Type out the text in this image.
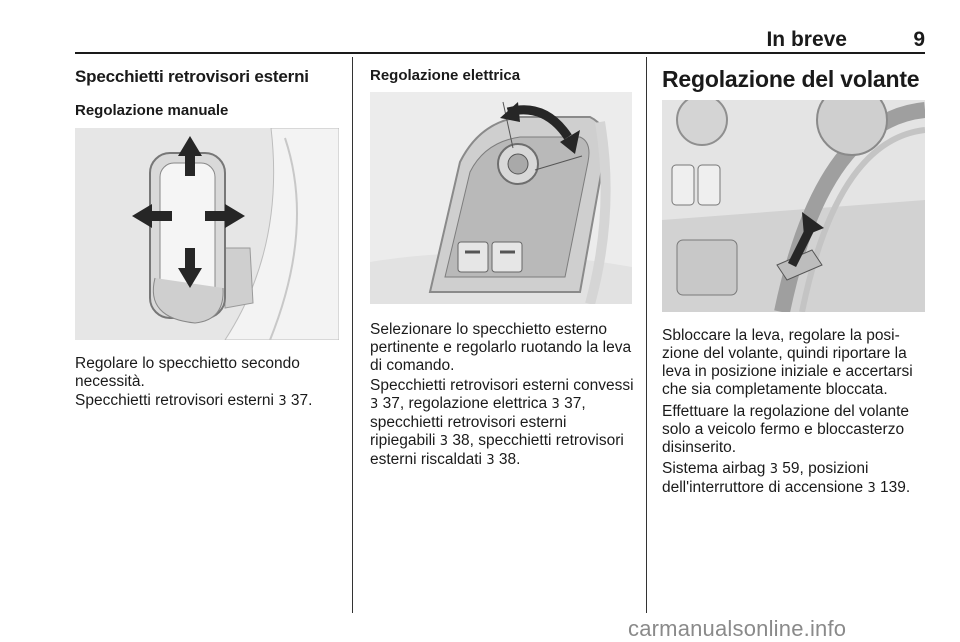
In breve	9
Specchietti retrovisori esterni
Regolazione manuale

Regolare lo specchietto secondo necessità.

Specchietti retrovisori esterni 3 37.

Regolazione elettrica

Selezionare lo specchietto esterno pertinente e regolarlo ruotando la leva di comando.

Specchietti retrovisori esterni convessi 3 37, regolazione elettrica 3 37, specchietti retrovisori esterni ripiegabili 3 38, specchietti retrovisori esterni riscaldati 3 38.

Regolazione del volante

Sbloccare la leva, regolare la posizione del volante, quindi riportare la leva in posizione iniziale e accertarsi che sia completamente bloccata.

Effettuare la regolazione del volante solo a veicolo fermo e bloccasterzo disinserito.

Sistema airbag 3 59, posizioni dell'interruttore di accensione 3 139.

carmanualsonline.info
